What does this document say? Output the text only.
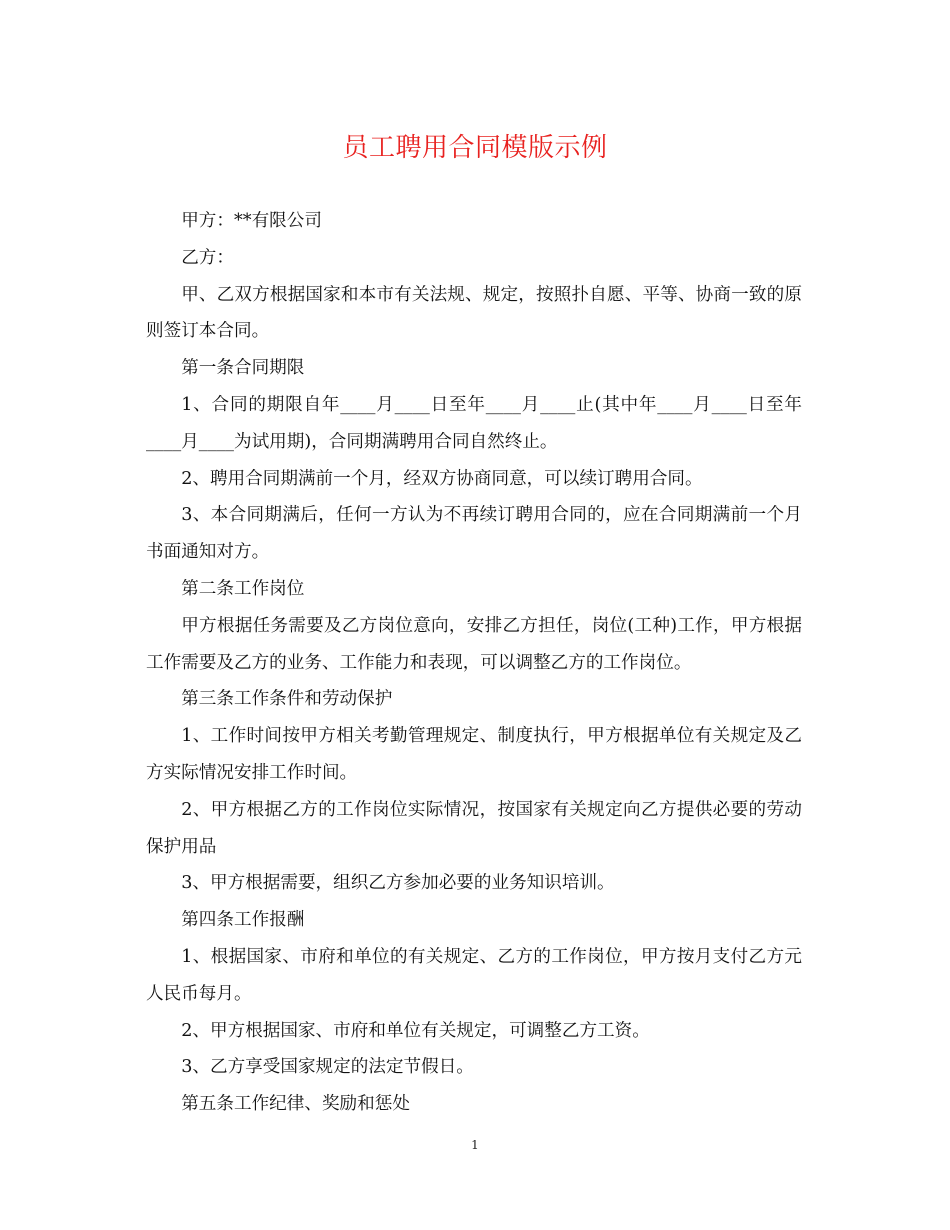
员工聘用合同模版示例

甲方：**有限公司

乙方：

甲、乙双方根据国家和本市有关法规、规定，按照扑自愿、平等、协商一致的原则签订本合同。

第一条合同期限

1、合同的期限自年____月____日至年____月____止(其中年____月____日至年____月____为试用期)，合同期满聘用合同自然终止。

2、聘用合同期满前一个月，经双方协商同意，可以续订聘用合同。

3、本合同期满后，任何一方认为不再续订聘用合同的，应在合同期满前一个月书面通知对方。

第二条工作岗位

甲方根据任务需要及乙方岗位意向，安排乙方担任，岗位(工种)工作，甲方根据工作需要及乙方的业务、工作能力和表现，可以调整乙方的工作岗位。

第三条工作条件和劳动保护

1、工作时间按甲方相关考勤管理规定、制度执行，甲方根据单位有关规定及乙方实际情况安排工作时间。

2、甲方根据乙方的工作岗位实际情况，按国家有关规定向乙方提供必要的劳动保护用品

3、甲方根据需要，组织乙方参加必要的业务知识培训。

第四条工作报酬

1、根据国家、市府和单位的有关规定、乙方的工作岗位，甲方按月支付乙方元人民币每月。

2、甲方根据国家、市府和单位有关规定，可调整乙方工资。

3、乙方享受国家规定的法定节假日。

第五条工作纪律、奖励和惩处

1
